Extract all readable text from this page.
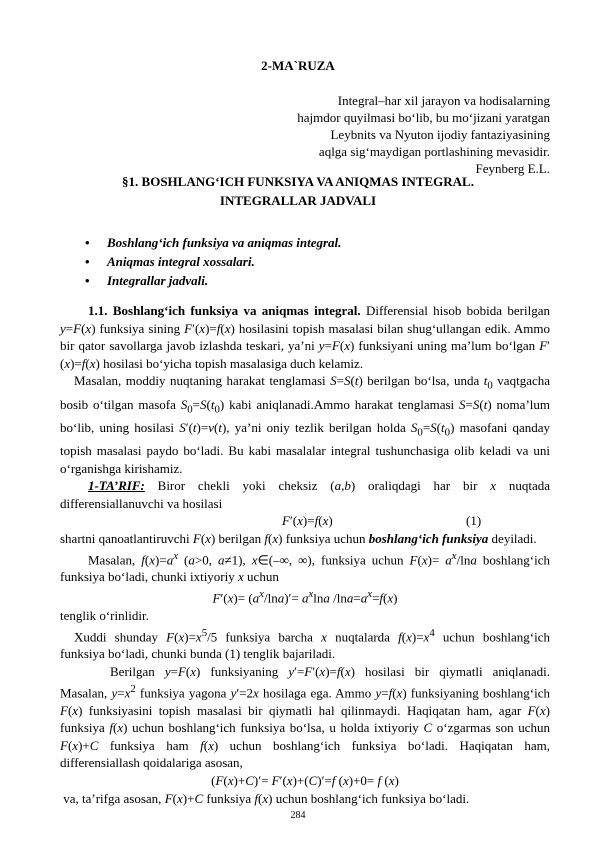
2-MA`RUZA
Integral–har xil jarayon va hodisalarning
hajmdor quyilmasi bo‘lib, bu mo‘jizani yaratgan
Leybnits va Nyuton ijodiy fantaziyasining
aqlga sig‘maydigan portlashining mevasidir.
Feynberg E.L.
§1. BOSHLANG‘ICH FUNKSIYA VA ANIQMAS INTEGRAL.
INTEGRALLAR JADVALI
• Boshlang‘ich funksiya va aniqmas integral.
• Aniqmas integral xossalari.
• Integrallar jadvali.

1.1. Boshlang‘ich funksiya va aniqmas integral. Differensial hisob bobida berilgan y=F(x) funksiya sining F′(x)=f(x) hosilasini topish masalasi bilan shug‘ullangan edik. Ammo bir qator savollarga javob izlashda teskari, ya’ni y=F(x) funksiyani uning ma’lum bo‘lgan F′(x)=f(x) hosilasi bo‘yicha topish masalasiga duch kelamiz.

Masalan, moddiy nuqtaning harakat tenglamasi S=S(t) berilgan bo‘lsa, unda $t_0$ vaqtgacha bosib o‘tilgan masofa $S_0=S(t_0)$ kabi aniqlanadi.Ammo harakat tenglamasi S=S(t) noma’lum bo‘lib, uning hosilasi S′(t)=v(t), ya’ni oniy tezlik berilgan holda $S_0=S(t_0)$ masofani qanday topish masalasi paydo bo‘ladi. Bu kabi masalalar integral tushunchasiga olib keladi va uni o‘rganishga kirishamiz.

1-TA’RIF: Biror chekli yoki cheksiz (a,b) oraliqdagi har bir x nuqtada differensiallanuvchi va hosilasi

F′(x)=f(x)	(1)

shartni qanoatlantiruvchi F(x) berilgan f(x) funksiya uchun boshlang‘ich funksiya deyiladi.

Masalan, $f(x)=a^x$ (a>0, a≠1), x∈(–∞, ∞), funksiya uchun $F(x)= a^x$/lna boshlang‘ich funksiya bo‘ladi, chunki ixtiyoriy x uchun

$F'(x)= (a^x/\ln a)'= a^x\ln a$ $/\ln a=a^x=f(x)$

tenglik o‘rinlidir.

Xuddi shunday $F(x)=x^5/5$ funksiya barcha x nuqtalarda $f(x)=x^4$ uchun boshlang‘ich funksiya bo‘ladi, chunki bunda (1) tenglik bajariladi.

Berilgan y=F(x) funksiyaning y′=F′(x)=f(x) hosilasi bir qiymatli aniqlanadi. Masalan, $y=x^2$ funksiya yagona y′=2x hosilaga ega. Ammo y=f(x) funksiyaning boshlang‘ich F(x) funksiyasini topish masalasi bir qiymatli hal qilinmaydi. Haqiqatan ham, agar F(x) funksiya f(x) uchun boshlang‘ich funksiya bo‘lsa, u holda ixtiyoriy C o‘zgarmas son uchun F(x)+C funksiya ham f(x) uchun boshlang‘ich funksiya bo‘ladi. Haqiqatan ham, differensiallash qoidalariga asosan,

(F(x)+C)′= F′(x)+(C)′=f (x)+0= f (x)

va, ta’rifga asosan, F(x)+C funksiya f(x) uchun boshlang‘ich funksiya bo‘ladi.

284
